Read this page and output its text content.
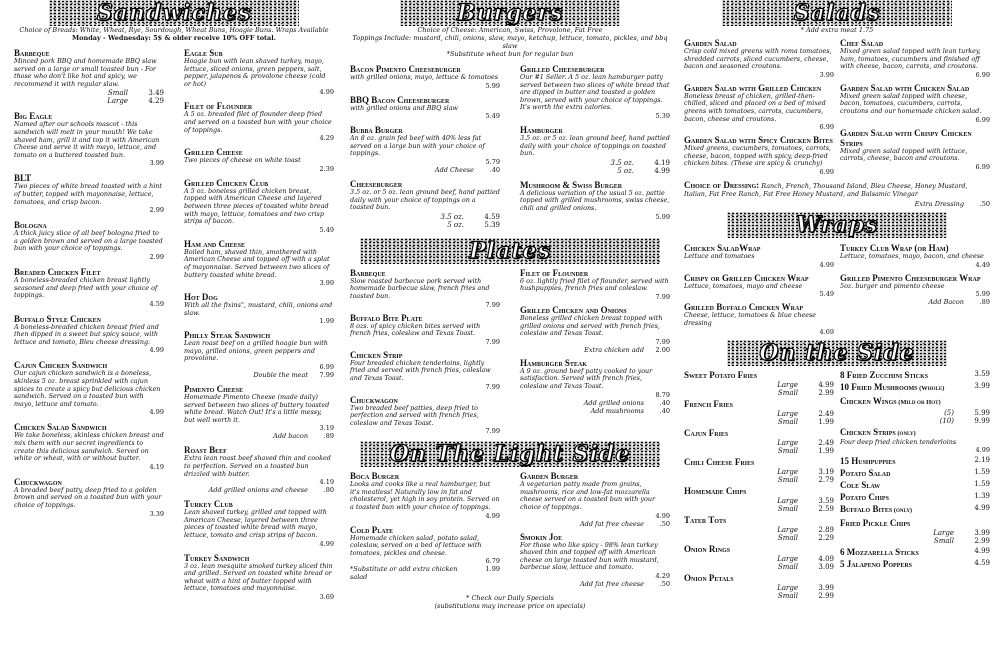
Sandwiches
Choice of Breads: White, Wheat, Rye, Sourdough, Wheat Buns, Hoagie Buns. Wraps Available
Monday - Wednesday: 5$ & older receive 10% OFF total.
Barbeque
Minced pork BBQ and homemade BBQ slaw served on a large or small toasted bun - For those who don't like hot and spicy, we recommend it with regular slaw.
Small	3.49
Large	4.29
Big Eagle
Named after our schools mascot - this sandwich will melt in your mouth! We take shaved ham, grill it and top it with American Cheese and serve it with mayo, lettuce, and tomato on a buttered toasted bun.
3.99
BLT
Two pieces of white bread toasted with a hint of butter, topped with mayonnaise, lettuce, tomatoes, and crisp bacon.
2.99
Bologna
A thick juicy slice of all beef bologna fried to a golden brown and served on a large toasted bun with your choice of toppings.
2.99
Breaded Chicken Filet
A boneless-breaded chicken breast lightly seasoned and deep fried with your choice of toppings.
4.59
Buffalo Style Chicken
A boneless-breaded chicken breast fried and then dipped in a sweet but spicy sauce, with lettuce and tomato, Bleu cheese dressing.
4.99
Cajun Chicken Sandwich
Our cajun chicken sandwich is a boneless, skinless 5 oz. breast sprinkled with cajun spices to create a spicy but delicious chicken sandwich. Served on a toasted bun with mayo, lettuce and tomato.
4.99
Chicken Salad Sandwich
We take boneless, skinless chicken breast and mix them with our secret ingredients to create this delicious sandwich. Served on white or wheat, with or without butter.
4.19
Chuckwagon
A breaded beef patty, deep fried to a golden brown and served on a toasted bun with your choice of toppings.
3.39
Eagle Sub
Hoagie bun with lean shaved turkey, mayo, lettuce, sliced onions, green peppers, salt, pepper, jalapenos & provolone cheese (cold or hot)
4.99
Filet of Flounder
A 5 oz. breaded filet of flounder deep fried and served on a toasted bun with your choice of toppings.
4.29
Grilled Cheese
Two pieces of cheese on white toast
2.39
Grilled Chicken Club
A 5 oz. boneless grilled chicken breast, topped with American Cheese and layered between three pieces of toasted white bread with mayo, lettuce, tomatoes and two crisp strips of bacon.
5.49
Ham and Cheese
Boiled ham, shaved thin, smothered with American Cheese and topped off with a splat of mayonnaise. Served between two slices of buttery toasted white bread.
3.99
Hot Dog
With all the fixins", mustard, chili, onions and slaw.
1.99
Philly Steak Sandwich
Lean roast beef on a grilled hoagie bun with mayo, grilled onions, green peppers and provolone.
6.99
Double the meat	7.99
Pimento Cheese
Homemade Pimento Cheese (made daily) served between two slices of buttery toasted white bread. Watch Out! It's a little messy, but well worth it.
3.19
Add bacon	.89
Roast Beef
Extra lean roast beef shaved thin and cooked to perfection. Served on a toasted bun drizzled with butter.
4.19
Add grilled onions and cheese	.80
Turkey Club
Lean shaved turkey, grilled and topped with American Cheese, layered between three pieces of toasted white bread with mayo, lettuce, tomato and crisp strips of bacon.
4.99
Turkey Sandwich
3 oz. lean mesquite smoked turkey sliced thin and grilled. Served on toasted white bread or wheat with a hint of butter topped with lettuce, tomatoes and mayonnaise.
3.69
Burgers
Choice of Cheese: American, Swiss, Provolone, Fat Free
Toppings Include: mustard, chili, onions, slaw, mayo, ketchup, lettuce, tomato, pickles, and bbq slaw
*Substitute wheat bun for regular bun
Bacon Pimento Cheeseburger
with grilled onions, mayo, lettuce & tomatoes
5.99
BBQ Bacon Cheeseburger
with grilled onions and BBQ slaw
5.49
Bubba Burger
An 8 oz. grain fed beef with 40% less fat served on a large bun with your choice of toppings.
5.79
Add Cheese	.40
Cheeseburger
3.5 oz. or 5 oz. lean ground beef, hand pattied daily with your choice of toppings on a toasted bun.
3.5 oz.	4.59
5 oz.	5.39
Grilled Cheeseburger
Our #1 Seller. A 5 oz. lean hamburger patty served between two slices of white bread that are dipped in butter and toasted a golden brown, served with your choice of toppings. It's worth the extra calories.
5.39
Hamburger
3.5 oz. or 5 oz. lean ground beef, hand pattied daily with your choice of toppings on toasted bun.
3.5 oz.	4.19
5 oz.	4.99
Mushroom & Swiss Burger
A delicious variation of the usual 5 oz. pattie topped with grilled mushrooms, swiss cheese, chili and grilled onions.
5.99
Plates
Barbeque
Slow roasted barbecue pork served with homemade barbecue slaw, french fries and toasted bun.
7.99
Buffalo Bite Plate
8 ozs. of spicy chicken bites served with french fries, coleslaw and Texas Toast.
7.99
Chicken Strip
Four breaded chicken tenderloins, lightly fried and served with french fries, coleslaw and Texas Toast.
7.99
Chuckwagon
Two breaded beef patties, deep fried to perfection and served with french fries, coleslaw and Texas Toast.
7.99
Filet of Flounder
6 oz. lightly fried filet of flounder, served with hushpuppies, french fries and coleslaw.
7.99
Grilled Chicken and Onions
Boneless grilled chicken breast topped with grilled onions and served with french fries, coleslaw and Texas Toast.
7.99
Extra chicken add	2.00
Hamburger Steak
A 9 oz. ground beef patty cooked to your satisfaction. Served with french fries, coleslaw and Texas Toast.
8.79
Add grilled onions	.40
Add mushrooms	.40
On The Light Side
Boca Burger
Looks and cooks like a real hamburger, but it's meatless! Naturally low in fat and cholesterol, yet high in soy protein. Served on a toasted bun with your choice of toppings.
4.99
Cold Plate
Homemade chicken salad, potato salad, coleslaw, served on a bed of lettuce with tomatoes, pickles and cheese.
6.79
*Substitute or add extra chicken salad
1.99
Garden Burger
A vegetarian patty made from grains, mushrooms, rice and low-fat mozzarella cheese served on a toasted bun with your choice of toppings.
4.99
Add fat free cheese	.50
Smokin Joe
For those who like spicy - 98% lean turkey shaved thin and topped off with American cheese on large toasted bun with mustard, barbecue slaw, lettuce and tomato.
4.29
Add fat free cheese	.50
* Check our Daily Specials
(substitutions may increase price on specials)
Salads
* Add extra meat 1.75
Garden Salad
Crisp cold mixed greens with roma tomatoes, shredded carrots, sliced cucumbers, cheese, bacon and seasoned croutons.
3.99
Garden Salad with Grilled Chicken
Boneless breast of chicken, grilled-then-chilled, sliced and placed on a bed of mixed greens with tomatoes, carrots, cucumbers, bacon, cheese and croutons.
6.99
Garden Salad with Spicy Chicken Bites
Mixed greens, cucumbers, tomatoes, carrots, cheese, bacon, topped with spicy, deep-fried chicken bites. (These are spicy & crunchy)
6.99
Chef Salad
Mixed green salad topped with lean turkey, ham, tomatoes, cucumbers and finished off with cheese, bacon, carrots, and croutons.
6.99
Garden Salad with Chicken Salad
Mixed green salad topped with cheese, bacon, tomatoes, cucumbers, carrots, croutons and our homemade chicken salad.
6.99
Garden Salad with Crispy Chicken Strips
Mixed green salad topped with lettuce, carrots, cheese, bacon and croutons.
6.99
Choice of Dressing: Ranch, French, Thousand Island, Bleu Cheese, Honey Mustard, Italian, Fat Free Ranch, Fat Free Honey Mustard, and Balsamic Vinegar
Extra Dressing	.50
Wraps
Chicken SaladWrap
Lettuce and tomatoes
4.99
Crispy or Grilled Chicken Wrap
Lettuce, tomatoes, mayo and cheese
5.49
Grilled Buffalo Chicken Wrap
Cheese, lettuce, tomatoes & blue cheese dressing
4.69
Turkey Club Wrap (or Ham)
Lettuce, tomatoes, mayo, bacon, and cheese
4.49
Grilled Pimento Cheeseburger Wrap
5oz. burger and pimento cheese
5.99
Add Bacon	.89
On the Side
Sweet Potato Fries
Large	4.99
Small	2.99
French Fries
Large	2.49
Small	1.99
Cajun Fries
Large	2.49
Small	1.99
Chili Cheese Fries
Large	3.19
Small	2.79
Homemade Chips
Large	3.59
Small	2.59
Tater Tots
Large	2.89
Small	2.29
Onion Rings
Large	4.09
Small	3.09
Onion Petals
Large	3.99
Small	2.99
8 Fried Zucchini Sticks	3.59
10 Fried Mushrooms (Whole)	3.99
Chicken Wings (Mild or Hot)
(5)	5.99
(10)	9.99
Chicken Strips (only)
Four deep fried chicken tenderloins
4.99
15 Hushpuppies	2.19
Potato Salad	1.59
Cole Slaw	1.59
Potato Chips	1.39
Buffalo Bites (only)	4.99
Fried Pickle Chips
Large	3.99
Small	2.99
6 Mozzarella Sticks	4.99
5 Jalapeno Poppers	4.59
